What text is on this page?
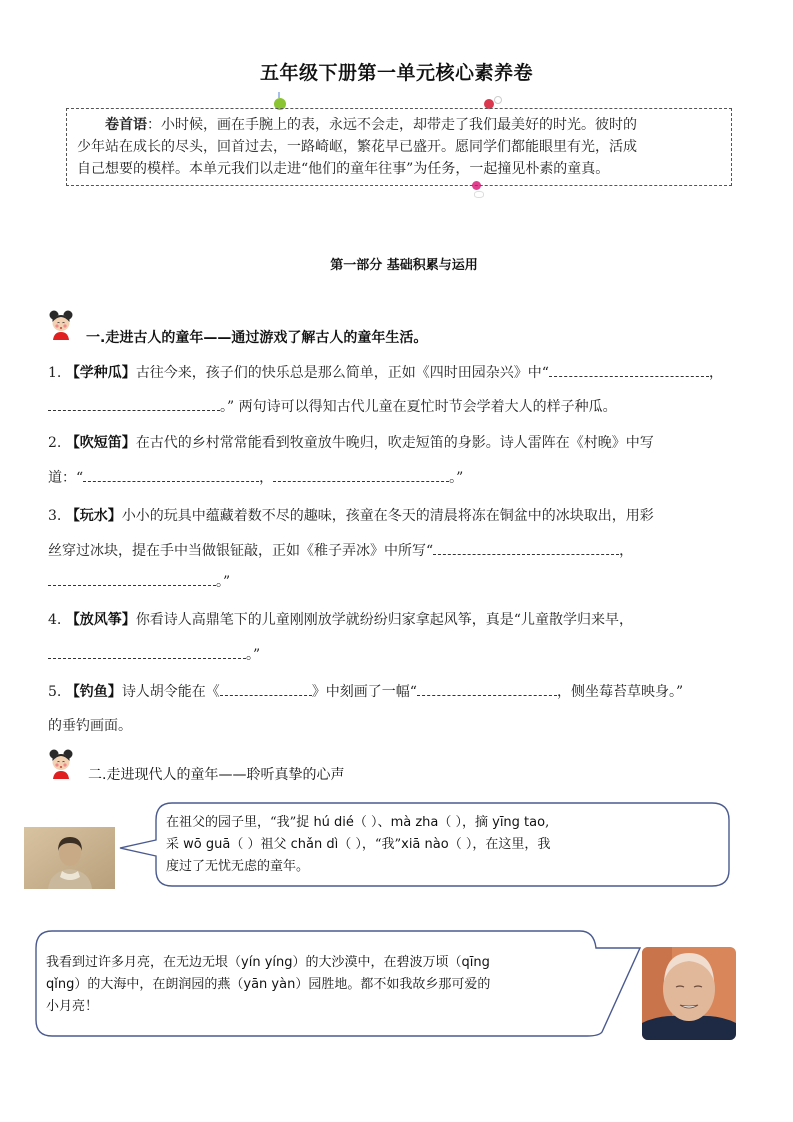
五年级下册第一单元核心素养卷
卷首语：小时候，画在手腕上的表，永远不会走，却带走了我们最美好的时光。彼时的
少年站在成长的尽头，回首过去，一路崎岖，繁花早已盛开。愿同学们都能眼里有光，活成
自己想要的模样。本单元我们以走进“他们的童年往事”为任务，一起撞见朴素的童真。
第一部分 基础积累与运用
一.走进古人的童年——通过游戏了解古人的童年生活。
1. 【学种瓜】古往今来，孩子们的快乐总是那么简单，正如《四时田园杂兴》中“	，
。” 两句诗可以得知古代儿童在夏忙时节会学着大人的样子种瓜。
2. 【吹短笛】在古代的乡村常常能看到牧童放牛晚归，吹走短笛的身影。诗人雷阵在《村晚》中写
道：“	，	。”
3. 【玩水】小小的玩具中蕴藏着数不尽的趣味，孩童在冬天的清晨将冻在铜盆中的冰块取出，用彩
丝穿过冰块，提在手中当做银钲敲，正如《稚子弄冰》中所写“	，
。”
4. 【放风筝】你看诗人高鼎笔下的儿童刚刚放学就纷纷归家拿起风筝，真是“儿童散学归来早，
。”
5. 【钓鱼】诗人胡令能在《	》中刻画了一幅“	，侧坐莓苔草映身。”
的垂钓画面。
二.走进现代人的童年——聆听真挚的心声
在祖父的园子里，“我”捉 hú dié（ ）、mà zha（ ），摘 yīng tao,
采 wō guā（ ）祖父 chǎn dì（ ），“我”xiā nào（ ），在这里，我
度过了无忧无虑的童年。
我看到过许多月亮，在无边无垠（yín yíng）的大沙漠中，在碧波万顷（qīng
qǐng）的大海中，在朗润园的燕（yān yàn）园胜地。都不如我故乡那可爱的
小月亮！
